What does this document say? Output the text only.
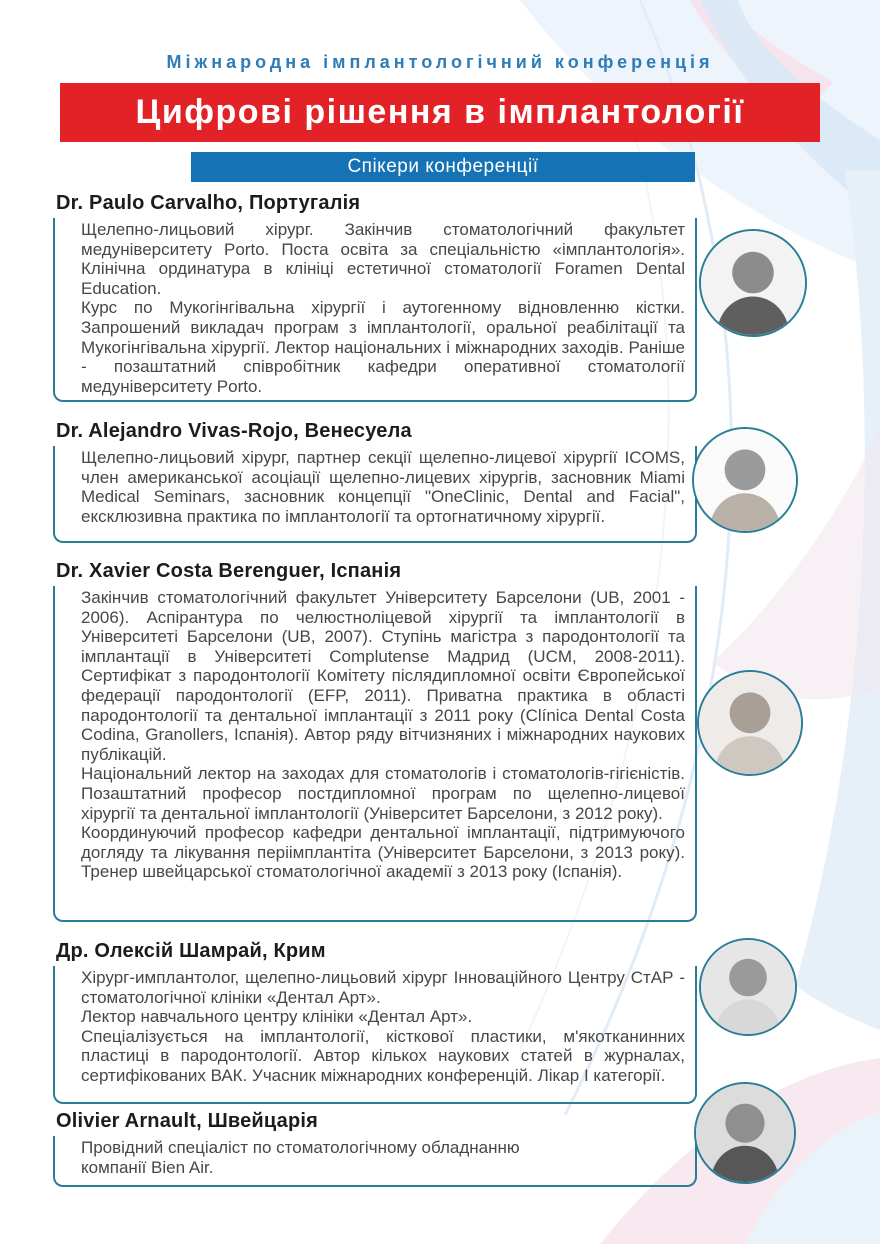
Міжнародна імплантологічний конференція
Цифрові рішення в імплантології
Спікери конференції
Dr. Paulo Carvalho, Португалія

Щелепно-лицьовий хірург. Закінчив стоматологічний факультет медуніверситету Porto. Поста освіта за спеціальністю «імплантологія». Клінічна ординатура в клініці естетичної стоматології Foramen Dental Education.

Курс по Мукогінгівальна хірургії і аутогенному відновленню кістки. Запрошений викладач програм з імплантології, оральної реабілітації та Мукогінгівальна хірургії. Лектор національних і міжнародних заходів. Раніше - позаштатний співробітник кафедри оперативної стоматології медуніверситету Porto.

Dr. Alejandro Vivas-Rojo, Венесуела

Щелепно-лицьовий хірург, партнер секції щелепно-лицевої хірургії ICOMS, член американської асоціації щелепно-лицевих хірургів, засновник Miami Medical Seminars, засновник концепції "OneClinic, Dental and Facial", ексклюзивна практика по імплантології та ортогнатичному хірургії.

Dr. Xavier Costa Berenguer, Іспанія

Закінчив стоматологічний факультет Університету Барселони (UB, 2001 - 2006). Аспірантура по челюстноліцевой хірургії та імплантології в Університеті Барселони (UB, 2007). Ступінь магістра з пародонтології та імплантації в Університеті Complutense Мадрид (UCM, 2008-2011). Сертифікат з пародонтології Комітету післядипломної освіти Європейської федерації пародонтології (EFP, 2011). Приватна практика в області пародонтології та дентальної імплантації з 2011 року (Clínica Dental Costa Codina, Granollers, Іспанія). Автор ряду вітчизняних і міжнародних наукових публікацій.

Національний лектор на заходах для стоматологів і стоматологів-гігієністів. Позаштатний професор постдипломної програм по щелепно-лицевої хірургії та дентальної імплантології (Університет Барселони, з 2012 року).

Координуючий професор кафедри дентальної імплантації, підтримуючого догляду та лікування періімплантіта (Університет Барселони, з 2013 року). Тренер швейцарської стоматологічної академії з 2013 року (Іспанія).

Др. Олексій Шамрай, Крим

Хірург-имплантолог, щелепно-лицьовий хірург Інноваційного Центру СтАР - стоматологічної клініки «Дентал Арт».

Лектор навчального центру клініки «Дентал Арт».

Спеціалізується на імплантології, кісткової пластики, м'якотканинних пластиці в пародонтології. Автор кількох наукових статей в журналах, сертифікованих ВАК. Учасник міжнародних конференцій. Лікар І категорії.

Olivier Arnault, Швейцарія

Провідний спеціаліст по стоматологічному обладнанню компанії Bien Air.
